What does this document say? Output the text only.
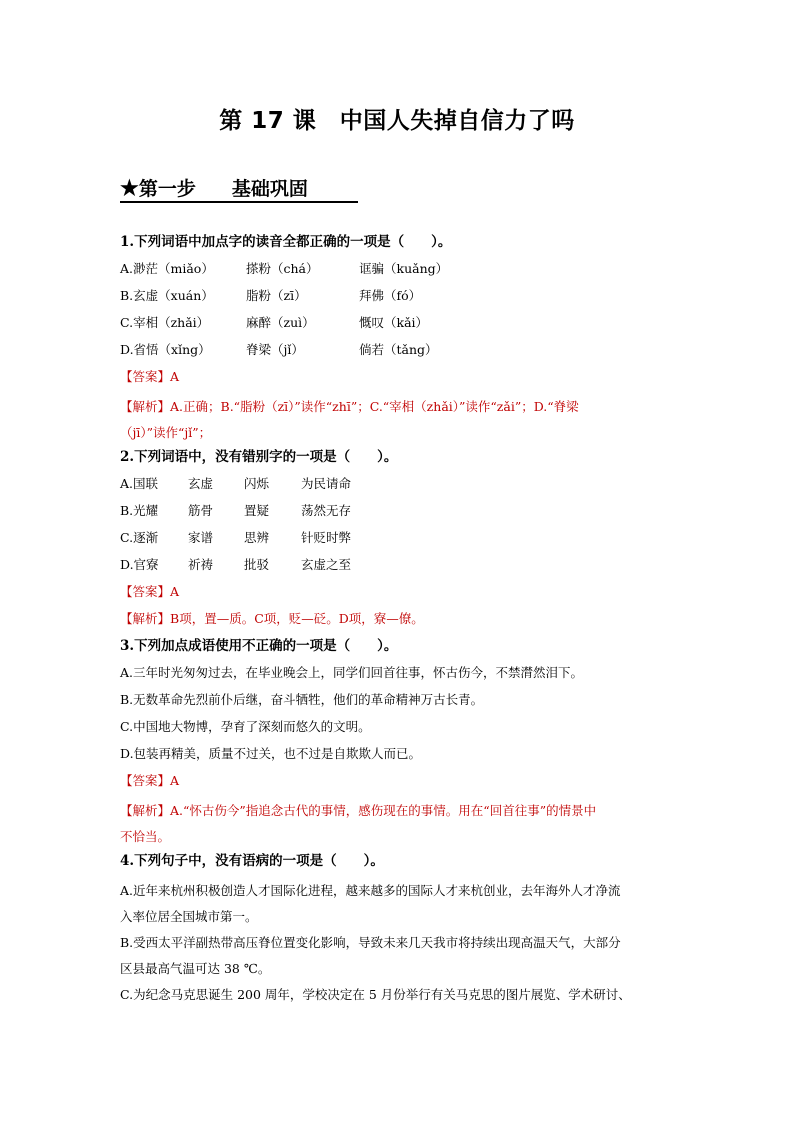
第 17 课　中国人失掉自信力了吗
★第一步 基础巩固
1.下列词语中加点字的读音全都正确的一项是（　　）。
A.渺茫（miǎo）	搽粉（chá）	诓骗（kuǎng）
B.玄虚（xuán）	脂粉（zī）	拜佛（fó）
C.宰相（zhǎi）	麻醉（zuì）	慨叹（kǎi）
D.省悟（xǐng）	脊梁（jǐ）	倘若（tǎng）
【答案】A
【解析】A.正确；B.“脂粉（zī）”读作“zhī”；C.“宰相（zhǎi）”读作“zǎi”；D.“脊梁
（jī）”读作“jǐ”；
2.下列词语中，没有错别字的一项是（　　）。
A.国联 玄虚 闪烁	为民请命
B.光耀 筋骨 置疑	荡然无存
C.逐渐 家谱 思辨	针贬时弊
D.官寮 祈祷 批驳	玄虚之至
【答案】A
【解析】B项，置—质。C项，贬—砭。D项，寮—僚。
3.下列加点成语使用不正确的一项是（　　）。
A.三年时光匆匆过去，在毕业晚会上，同学们回首往事，怀古伤今，不禁潸然泪下。
B.无数革命先烈前仆后继，奋斗牺牲，他们的革命精神万古长青。
C.中国地大物博，孕育了深刻而悠久的文明。
D.包装再精美，质量不过关，也不过是自欺欺人而已。
【答案】A
【解析】A.“怀古伤今”指追念古代的事情，感伤现在的事情。用在“回首往事”的情景中
不恰当。
4.下列句子中，没有语病的一项是（　　）。
A.近年来杭州积极创造人才国际化进程，越来越多的国际人才来杭创业，去年海外人才净流
入率位居全国城市第一。
B.受西太平洋副热带高压脊位置变化影响，导致未来几天我市将持续出现高温天气，大部分
区县最高气温可达 38 ℃。
C.为纪念马克思诞生 200 周年，学校决定在 5 月份举行有关马克思的图片展览、学术研讨、
